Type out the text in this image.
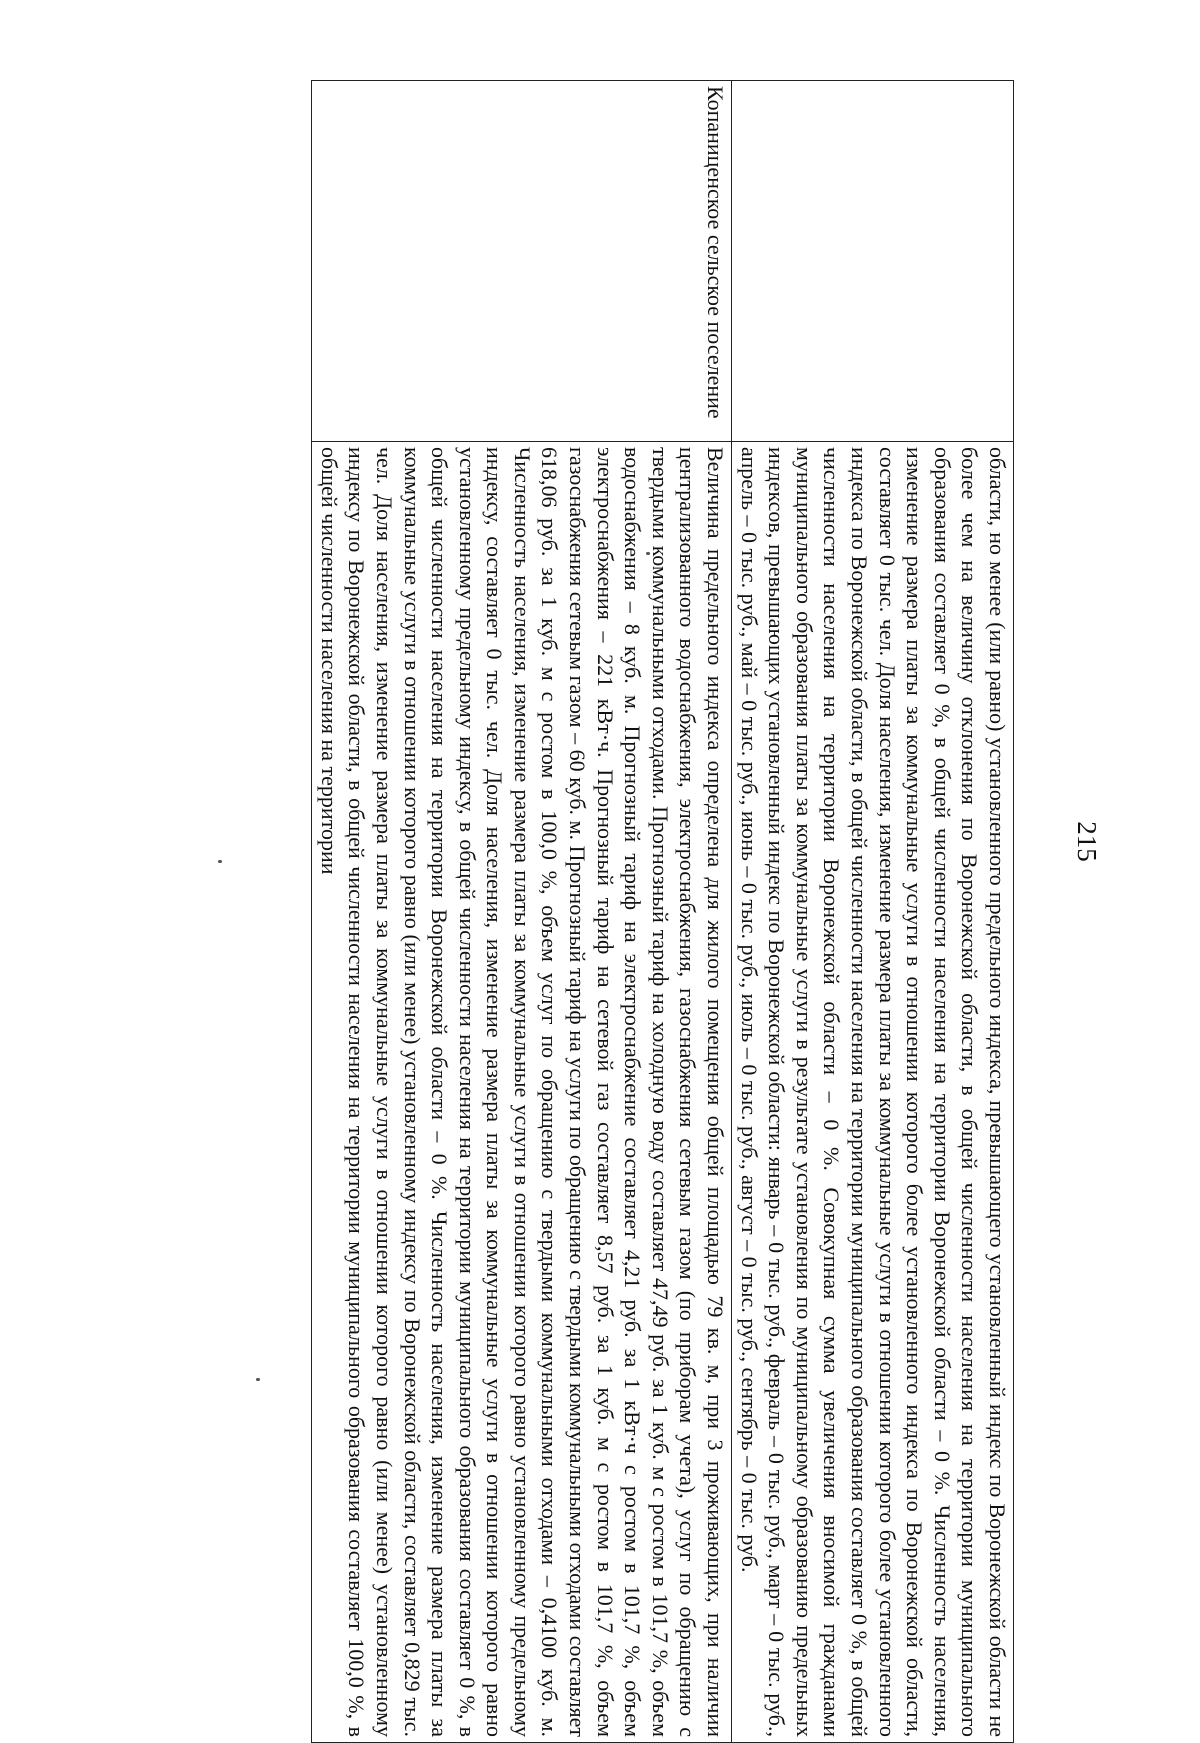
215
	области, но менее (или равно) установленного предельного индекса, превышающего установленный индекс по Воронежской области не более чем на величину отклонения по Воронежской области, в общей численности населения на территории муниципального образования составляет 0 %, в общей численности населения на территории Воронежской области – 0 %. Численность населения, изменение размера платы за коммунальные услуги в отношении которого более установленного индекса по Воронежской области, составляет 0 тыс. чел. Доля населения, изменение размера платы за коммунальные услуги в отношении которого более установленного индекса по Воронежской области, в общей численности населения на территории муниципального образования составляет 0 %, в общей численности населения на территории Воронежской области – 0 %. Совокупная сумма увеличения вносимой гражданами муниципального образования платы за коммунальные услуги в результате установления по муниципальному образованию предельных индексов, превышающих установленный индекс по Воронежской области: январь – 0 тыс. руб., февраль – 0 тыс. руб., март – 0 тыс. руб., апрель – 0 тыс. руб., май – 0 тыс. руб., июнь – 0 тыс. руб., июль – 0 тыс. руб., август – 0 тыс. руб., сентябрь – 0 тыс. руб.
Копаниценское сельское поселение	Величина предельного индекса определена для жилого помещения общей площадью 79 кв. м, при 3 проживающих, при наличии централизованного водоснабжения, электроснабжения, газоснабжения сетевым газом (по приборам учета), услуг по обращению с твердыми коммунальными отходами. Прогнозный тариф на холодную воду составляет 47,49 руб. за 1 куб. м с ростом в 101,7 %, объем водоснабжения – 8 куб. м. Прогнозный тариф на электроснабжение составляет 4,21 руб. за 1 кВт·ч с ростом в 101,7 %, объем электроснабжения – 221 кВт·ч. Прогнозный тариф на сетевой газ составляет 8,57 руб. за 1 куб. м с ростом в 101,7 %, объем газоснабжения сетевым газом – 60 куб. м. Прогнозный тариф на услуги по обращению с твердыми коммунальными отходами составляет 618,06 руб. за 1 куб. м с ростом в 100,0 %, объем услуг по обращению с твердыми коммунальными отходами – 0,4100 куб. м. Численность населения, изменение размера платы за коммунальные услуги в отношении которого равно установленному предельному индексу, составляет 0 тыс. чел. Доля населения, изменение размера платы за коммунальные услуги в отношении которого равно установленному предельному индексу, в общей численности населения на территории муниципального образования составляет 0 %, в общей численности населения на территории Воронежской области – 0 %. Численность населения, изменение размера платы за коммунальные услуги в отношении которого равно (или менее) установленному индексу по Воронежской области, составляет 0,829 тыс. чел. Доля населения, изменение размера платы за коммунальные услуги в отношении которого равно (или менее) установленному индексу по Воронежской области, в общей численности населения на территории муниципального образования составляет 100,0 %, в общей численности населения на территории
